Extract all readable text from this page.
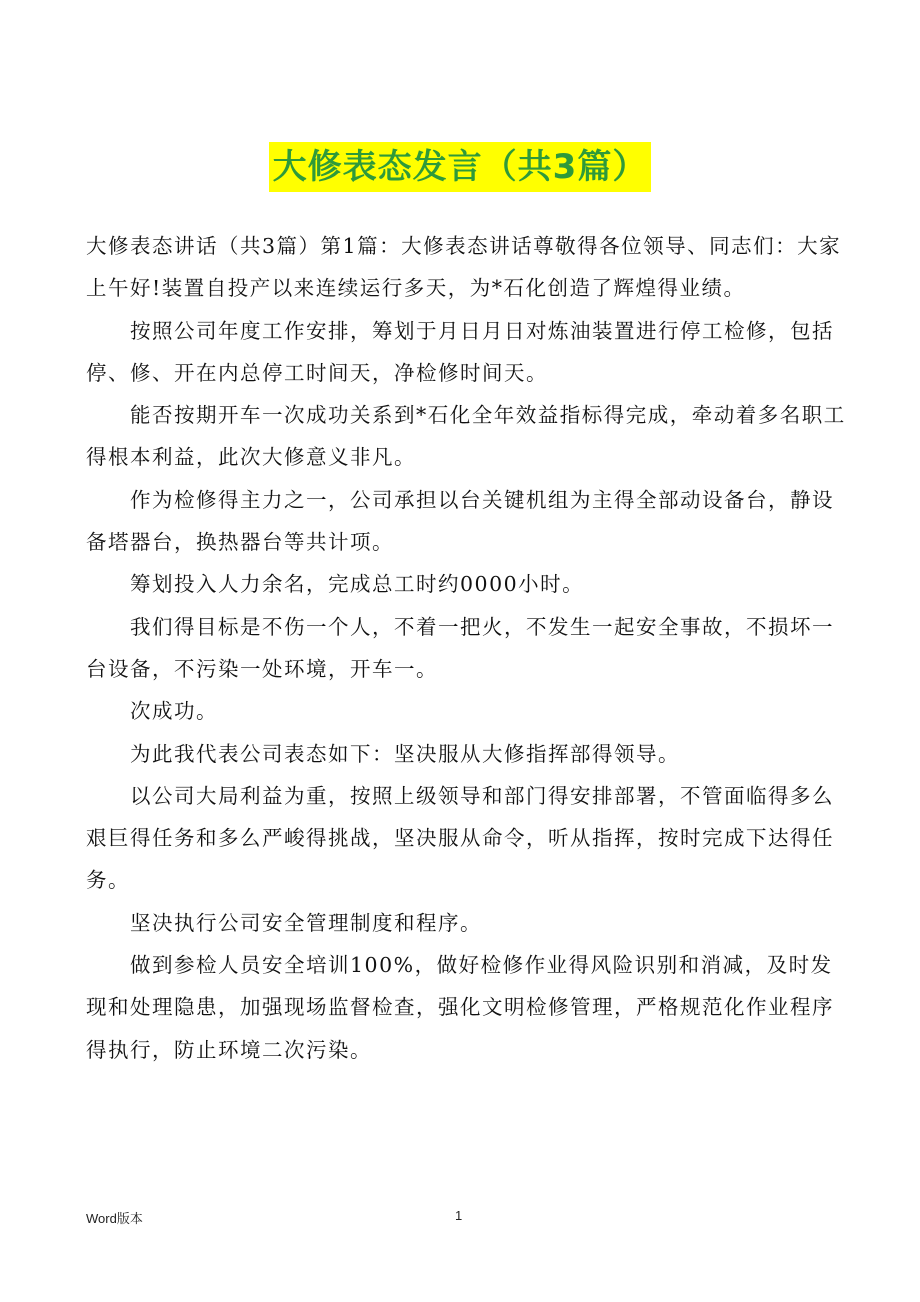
大修表态发言（共3篇）

大修表态讲话（共3篇）第1篇：大修表态讲话尊敬得各位领导、同志们：大家上午好!装置自投产以来连续运行多天，为*石化创造了辉煌得业绩。

按照公司年度工作安排，筹划于月日月日对炼油装置进行停工检修，包括停、修、开在内总停工时间天，净检修时间天。

能否按期开车一次成功关系到*石化全年效益指标得完成，牵动着多名职工得根本利益，此次大修意义非凡。

作为检修得主力之一，公司承担以台关键机组为主得全部动设备台，静设备塔器台，换热器台等共计项。

筹划投入人力余名，完成总工时约0000小时。

我们得目标是不伤一个人，不着一把火，不发生一起安全事故，不损坏一台设备，不污染一处环境，开车一。

次成功。

为此我代表公司表态如下：坚决服从大修指挥部得领导。

以公司大局利益为重，按照上级领导和部门得安排部署，不管面临得多么艰巨得任务和多么严峻得挑战，坚决服从命令，听从指挥，按时完成下达得任务。

坚决执行公司安全管理制度和程序。

做到参检人员安全培训100%，做好检修作业得风险识别和消减，及时发现和处理隐患，加强现场监督检查，强化文明检修管理，严格规范化作业程序得执行，防止环境二次污染。

Word版本	1
